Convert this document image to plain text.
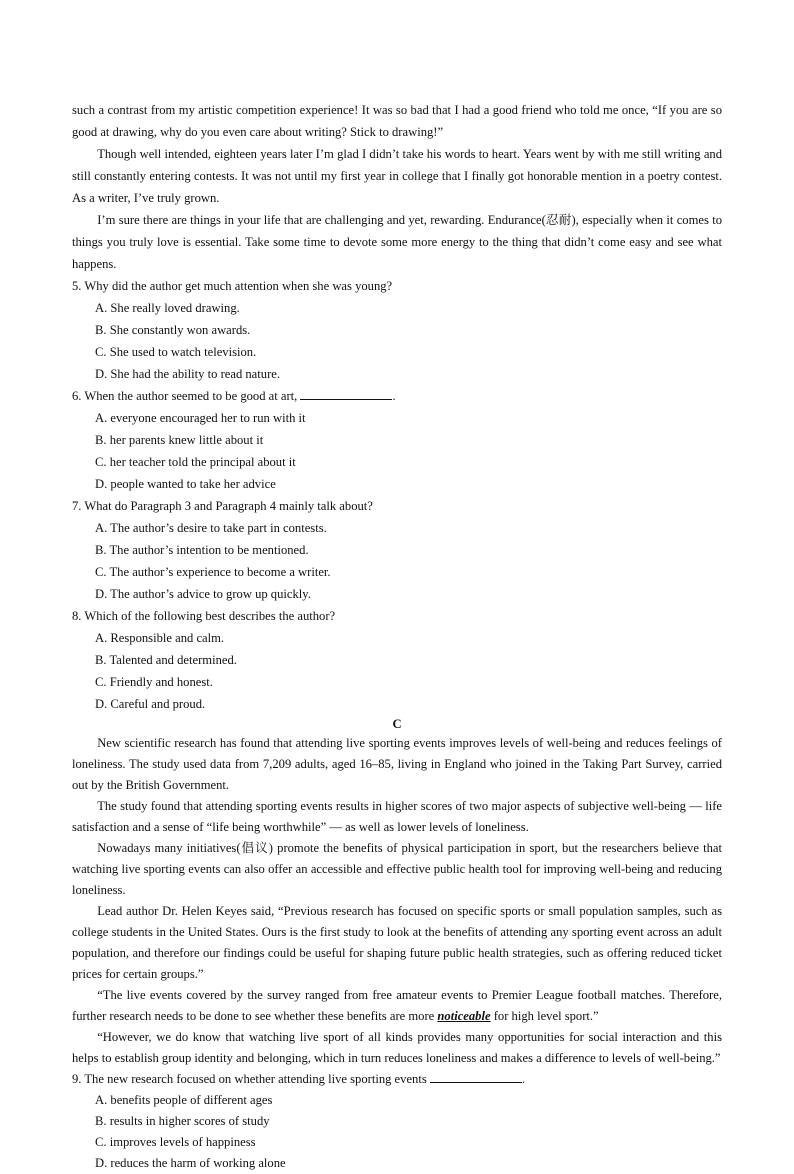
such a contrast from my artistic competition experience! It was so bad that I had a good friend who told me once, “If you are so good at drawing, why do you even care about writing? Stick to drawing!”

Though well intended, eighteen years later I’m glad I didn’t take his words to heart. Years went by with me still writing and still constantly entering contests. It was not until my first year in college that I finally got honorable mention in a poetry contest. As a writer, I’ve truly grown.

I’m sure there are things in your life that are challenging and yet, rewarding. Endurance(忍耐), especially when it comes to things you truly love is essential. Take some time to devote some more energy to the thing that didn’t come easy and see what happens.

5. Why did the author get much attention when she was young?

A. She really loved drawing.

B. She constantly won awards.

C. She used to watch television.

D. She had the ability to read nature.

6. When the author seemed to be good at art,	.

A. everyone encouraged her to run with it

B. her parents knew little about it

C. her teacher told the principal about it

D. people wanted to take her advice

7. What do Paragraph 3 and Paragraph 4 mainly talk about?

A. The author’s desire to take part in contests.

B. The author’s intention to be mentioned.

C. The author’s experience to become a writer.

D. The author’s advice to grow up quickly.

8. Which of the following best describes the author?

A. Responsible and calm.

B. Talented and determined.

C. Friendly and honest.

D. Careful and proud.

C

New scientific research has found that attending live sporting events improves levels of well-being and reduces feelings of loneliness. The study used data from 7,209 adults, aged 16–85, living in England who joined in the Taking Part Survey, carried out by the British Government.

The study found that attending sporting events results in higher scores of two major aspects of subjective well-being — life satisfaction and a sense of “life being worthwhile” — as well as lower levels of loneliness.

Nowadays many initiatives(倡议) promote the benefits of physical participation in sport, but the researchers believe that watching live sporting events can also offer an accessible and effective public health tool for improving well-being and reducing loneliness.

Lead author Dr. Helen Keyes said, “Previous research has focused on specific sports or small population samples, such as college students in the United States. Ours is the first study to look at the benefits of attending any sporting event across an adult population, and therefore our findings could be useful for shaping future public health strategies, such as offering reduced ticket prices for certain groups.”

“The live events covered by the survey ranged from free amateur events to Premier League football matches. Therefore, further research needs to be done to see whether these benefits are more noticeable for high level sport.”

“However, we do know that watching live sport of all kinds provides many opportunities for social interaction and this helps to establish group identity and belonging, which in turn reduces loneliness and makes a difference to levels of well-being.”

9. The new research focused on whether attending live sporting events	.

A. benefits people of different ages

B. results in higher scores of study

C. improves levels of happiness

D. reduces the harm of working alone
